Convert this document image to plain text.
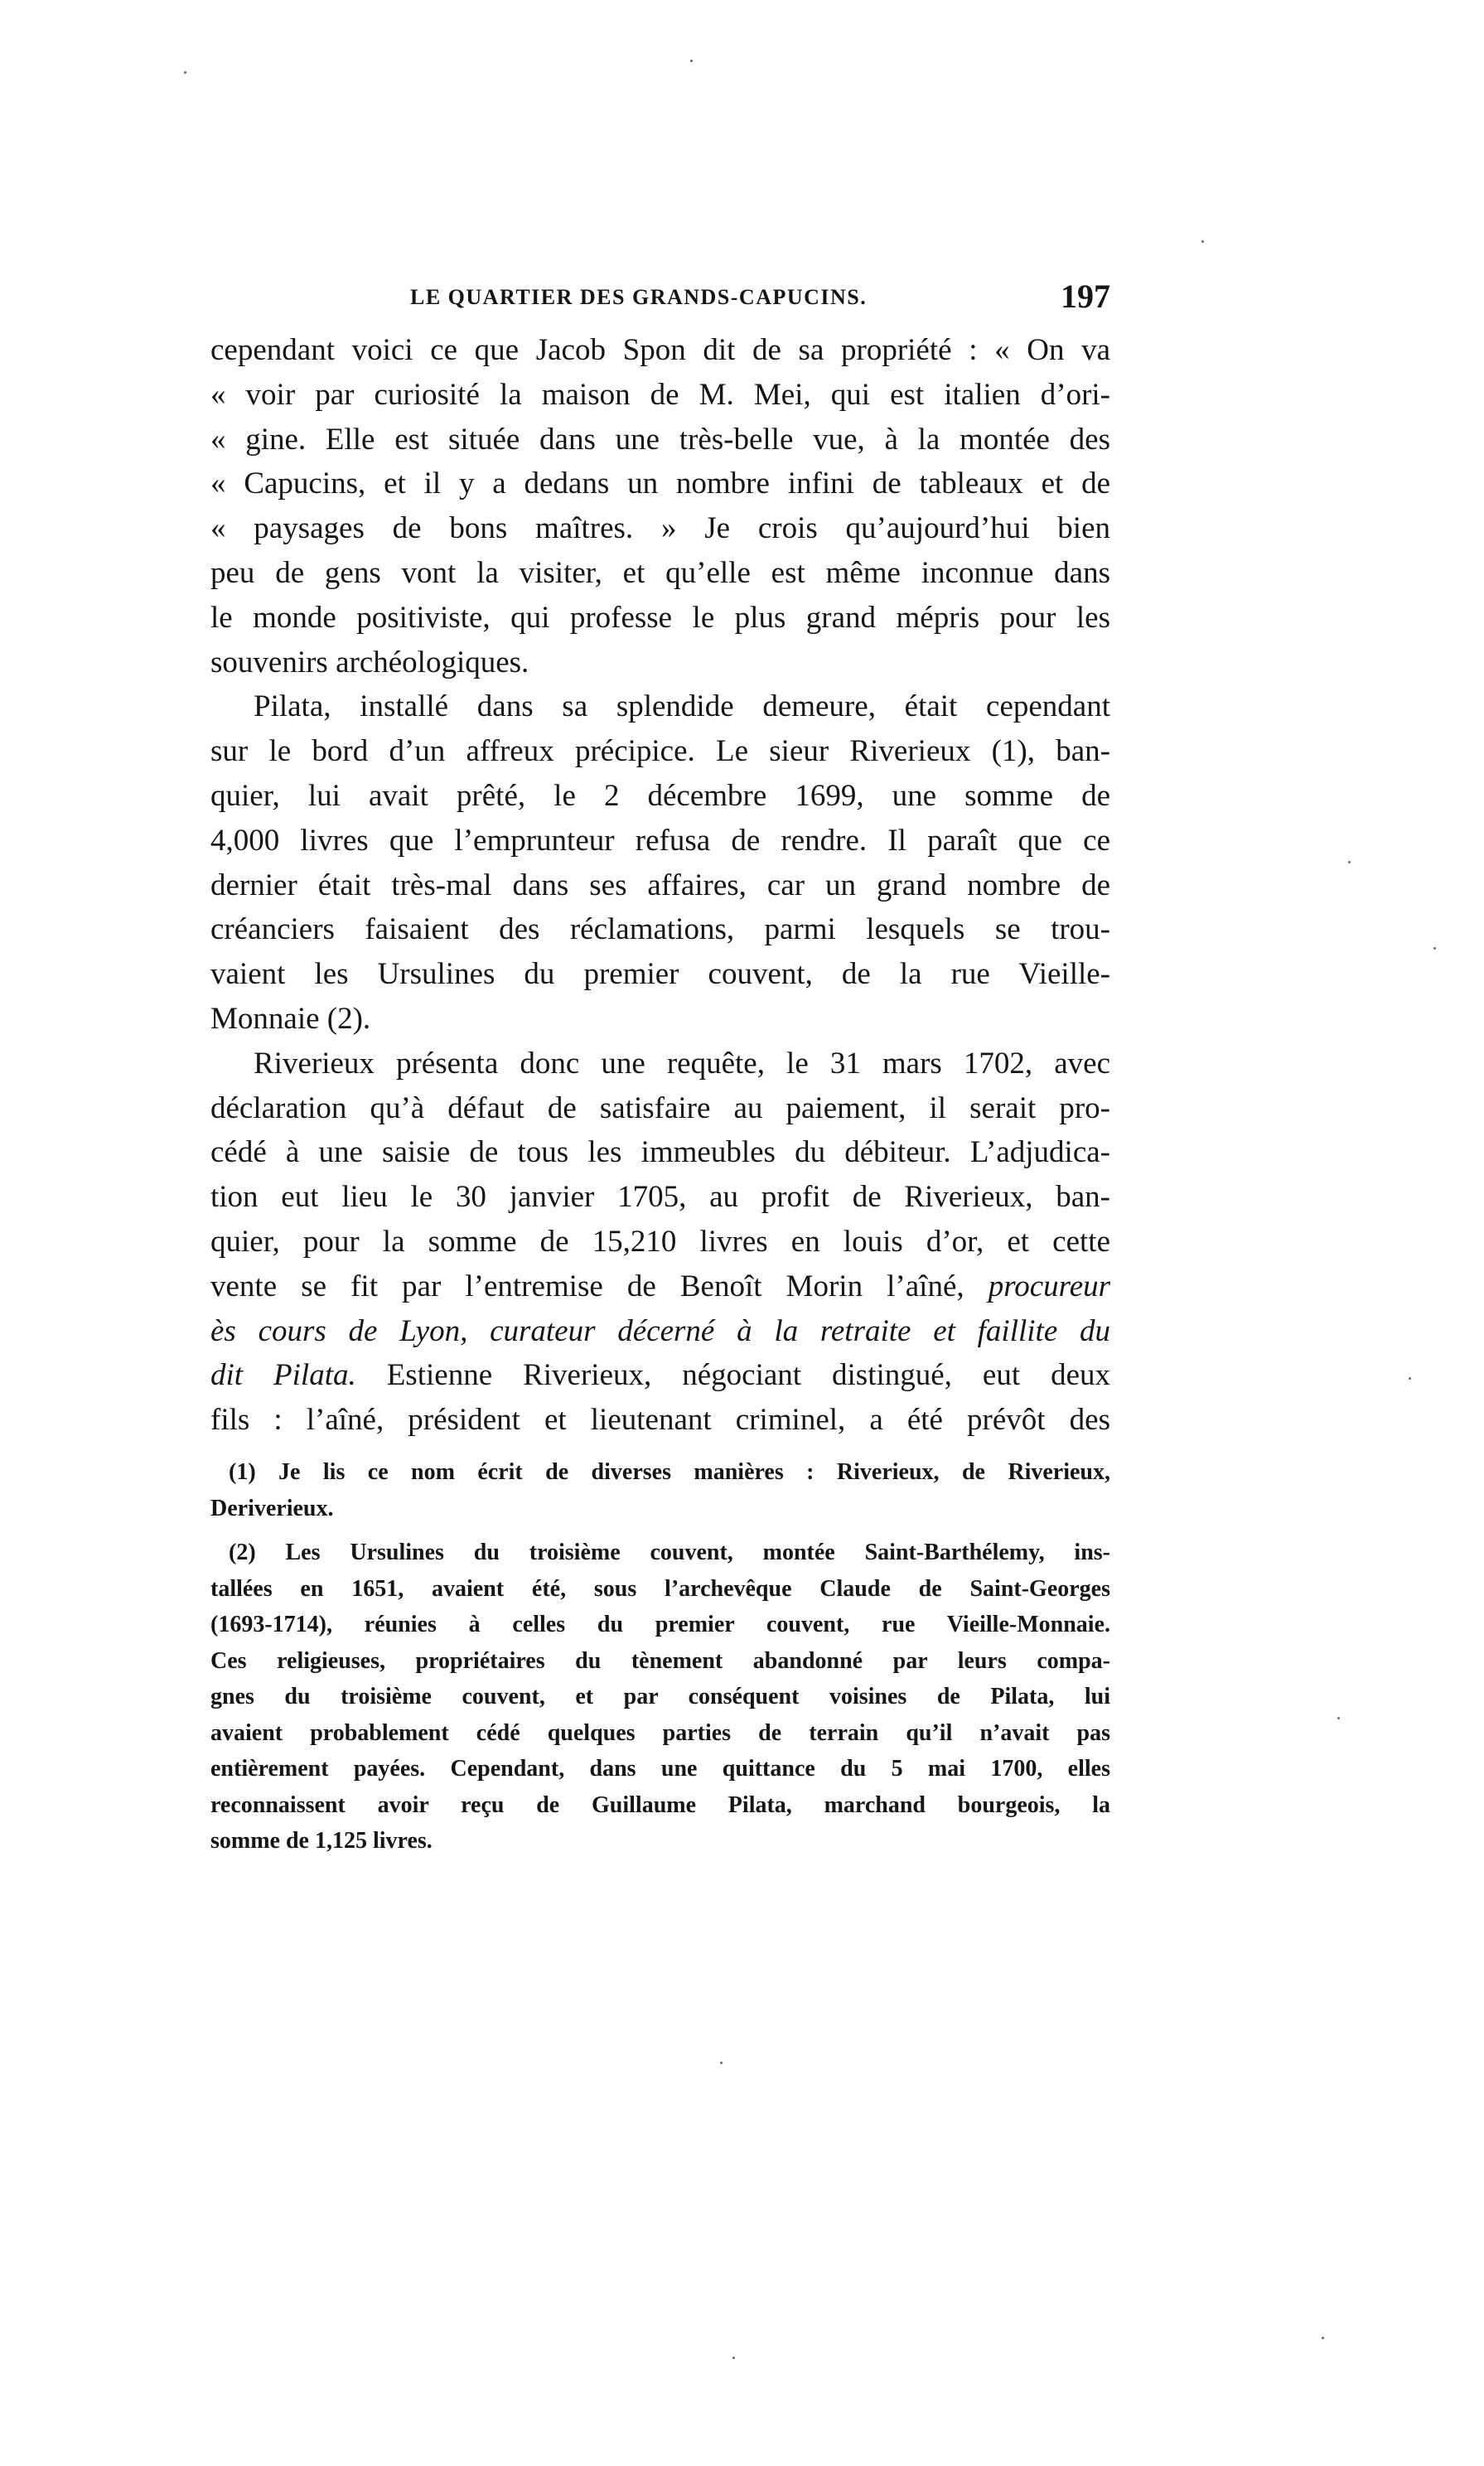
LE QUARTIER DES GRANDS-CAPUCINS.	197
cependant voici ce que Jacob Spon dit de sa propriété : « On va
« voir par curiosité la maison de M. Mei, qui est italien d’ori-
« gine. Elle est située dans une très-belle vue, à la montée des
« Capucins, et il y a dedans un nombre infini de tableaux et de
« paysages de bons maîtres. » Je crois qu’aujourd’hui bien
peu de gens vont la visiter, et qu’elle est même inconnue dans
le monde positiviste, qui professe le plus grand mépris pour les
souvenirs archéologiques.
Pilata, installé dans sa splendide demeure, était cependant
sur le bord d’un affreux précipice. Le sieur Riverieux (1), ban-
quier, lui avait prêté, le 2 décembre 1699, une somme de
4,000 livres que l’emprunteur refusa de rendre. Il paraît que ce
dernier était très-mal dans ses affaires, car un grand nombre de
créanciers faisaient des réclamations, parmi lesquels se trou-
vaient les Ursulines du premier couvent, de la rue Vieille-
Monnaie (2).
Riverieux présenta donc une requête, le 31 mars 1702, avec
déclaration qu’à défaut de satisfaire au paiement, il serait pro-
cédé à une saisie de tous les immeubles du débiteur. L’adjudica-
tion eut lieu le 30 janvier 1705, au profit de Riverieux, ban-
quier, pour la somme de 15,210 livres en louis d’or, et cette
vente se fit par l’entremise de Benoît Morin l’aîné, procureur
ès cours de Lyon, curateur décerné à la retraite et faillite du
dit Pilata. Estienne Riverieux, négociant distingué, eut deux
fils : l’aîné, président et lieutenant criminel, a été prévôt des
(1) Je lis ce nom écrit de diverses manières : Riverieux, de Riverieux,
Deriverieux.
(2) Les Ursulines du troisième couvent, montée Saint-Barthélemy, ins-
tallées en 1651, avaient été, sous l’archevêque Claude de Saint-Georges
(1693-1714), réunies à celles du premier couvent, rue Vieille-Monnaie.
Ces religieuses, propriétaires du tènement abandonné par leurs compa-
gnes du troisième couvent, et par conséquent voisines de Pilata, lui
avaient probablement cédé quelques parties de terrain qu’il n’avait pas
entièrement payées. Cependant, dans une quittance du 5 mai 1700, elles
reconnaissent avoir reçu de Guillaume Pilata, marchand bourgeois, la
somme de 1,125 livres.
